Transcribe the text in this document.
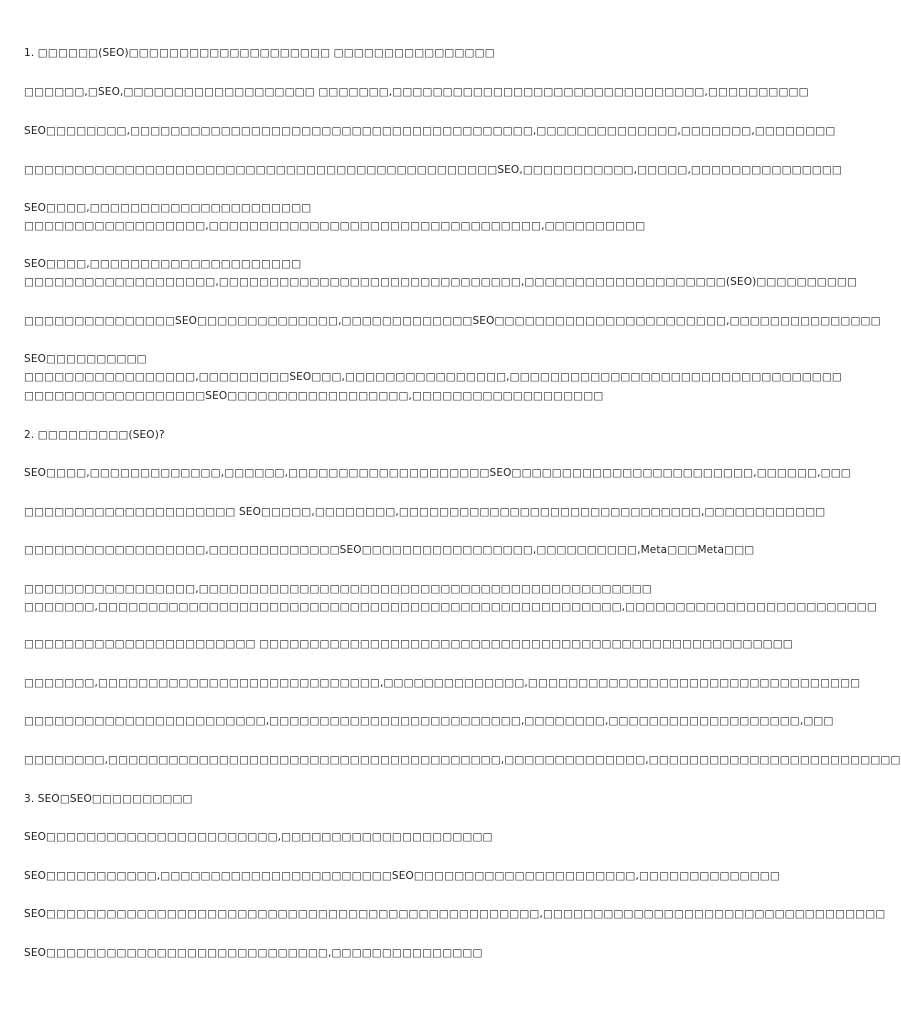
1. □□□□□□(SEO)□□□□□□□□□□□□□□□□□□□□ □□□□□□□□□□□□□□□□
□□□□□□,□SEO,□□□□□□□□□□□□□□□□□□□ □□□□□□□,□□□□□□□□□□□□□□□□□□□□□□□□□□□□□□□,□□□□□□□□□□
SEO□□□□□□□□,□□□□□□□□□□□□□□□□□□□□□□□□□□□□□□□□□□□□□□□□,□□□□□□□□□□□□□□,□□□□□□□,□□□□□□□□
□□□□□□□□□□□□□□□□□□□□□□□□□□□□□□□□□□□□□□□□□□□□□□□SEO,□□□□□□□□□□□,□□□□□,□□□□□□□□□□□□□□□
SEO□□□□,□□□□□□□□□□□□□□□□□□□□□□
□□□□□□□□□□□□□□□□□□,□□□□□□□□□□□□□□□□□□□□□□□□□□□□□□□□□,□□□□□□□□□□
SEO□□□□,□□□□□□□□□□□□□□□□□□□□□
□□□□□□□□□□□□□□□□□□□,□□□□□□□□□□□□□□□□□□□□□□□□□□□□□□,□□□□□□□□□□□□□□□□□□□□(SEO)□□□□□□□□□□
□□□□□□□□□□□□□□□SEO□□□□□□□□□□□□□□,□□□□□□□□□□□□□SEO□□□□□□□□□□□□□□□□□□□□□□□,□□□□□□□□□□□□□□□
SEO□□□□□□□□□□
□□□□□□□□□□□□□□□□□,□□□□□□□□□SEO□□□,□□□□□□□□□□□□□□□□,□□□□□□□□□□□□□□□□□□□□□□□□□□□□□□□□□
□□□□□□□□□□□□□□□□□□SEO□□□□□□□□□□□□□□□□□□,□□□□□□□□□□□□□□□□□□□
2. □□□□□□□□□(SEO)?
SEO□□□□,□□□□□□□□□□□□□,□□□□□□,□□□□□□□□□□□□□□□□□□□□SEO□□□□□□□□□□□□□□□□□□□□□□□□,□□□□□□,□□□
□□□□□□□□□□□□□□□□□□□□□ SEO□□□□□,□□□□□□□□,□□□□□□□□□□□□□□□□□□□□□□□□□□□□□□,□□□□□□□□□□□□
□□□□□□□□□□□□□□□□□□,□□□□□□□□□□□□□SEO□□□□□□□□□□□□□□□□□,□□□□□□□□□□,Meta□□□Meta□□□
□□□□□□□□□□□□□□□□□,□□□□□□□□□□□□□□□□□□□□□□□□□□□□□□□□□□□□□□□□□□□□□
□□□□□□□,□□□□□□□□□□□□□□□□□□□□□□□□□□□□□□□□□□□□□□□□□□□□□□□□□□□□,□□□□□□□□□□□□□□□□□□□□□□□□□
□□□□□□□□□□□□□□□□□□□□□□□ □□□□□□□□□□□□□□□□□□□□□□□□□□□□□□□□□□□□□□□□□□□□□□□□□□□□□
□□□□□□□,□□□□□□□□□□□□□□□□□□□□□□□□□□□□,□□□□□□□□□□□□□□,□□□□□□□□□□□□□□□□□□□□□□□□□□□□□□□□□
□□□□□□□□□□□□□□□□□□□□□□□□,□□□□□□□□□□□□□□□□□□□□□□□□□,□□□□□□□□,□□□□□□□□□□□□□□□□□□□,□□□
□□□□□□□□,□□□□□□□□□□□□□□□□□□□□□□□□□□□□□□□□□□□□□□□,□□□□□□□□□□□□□□,□□□□□□□□□□□□□□□□□□□□□□□□□
3. SEO□SEO□□□□□□□□□□
SEO□□□□□□□□□□□□□□□□□□□□□□□,□□□□□□□□□□□□□□□□□□□□□
SEO□□□□□□□□□□□,□□□□□□□□□□□□□□□□□□□□□□□SEO□□□□□□□□□□□□□□□□□□□□□□,□□□□□□□□□□□□□□
SEO□□□□□□□□□□□□□□□□□□□□□□□□□□□□□□□□□□□□□□□□□□□□□□□□□,□□□□□□□□□□□□□□□□□□□□□□□□□□□□□□□□□□
SEO□□□□□□□□□□□□□□□□□□□□□□□□□□□□,□□□□□□□□□□□□□□□
